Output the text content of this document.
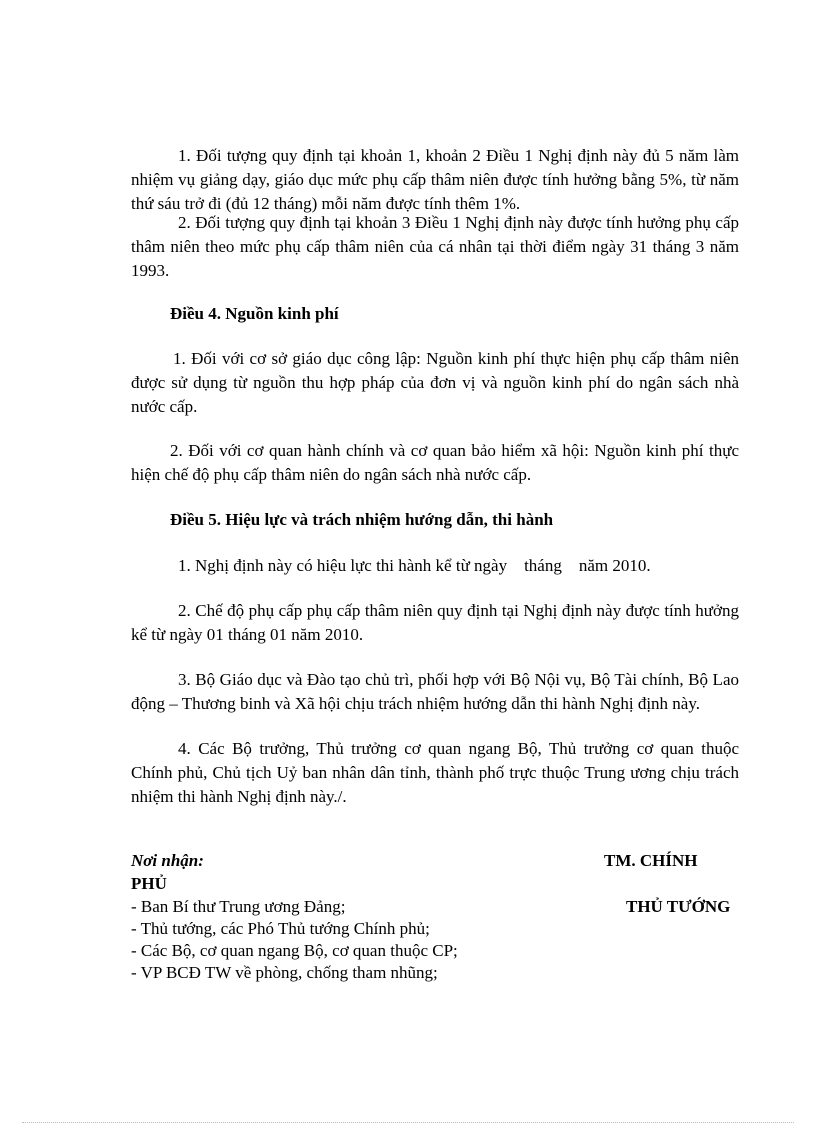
1. Đối tượng quy định tại khoản 1, khoản 2 Điều 1 Nghị định này đủ 5 năm làm nhiệm vụ giảng dạy, giáo dục mức phụ cấp thâm niên được tính hưởng bằng 5%, từ năm thứ sáu trở đi (đủ 12 tháng) mỗi năm được tính thêm 1%.

2. Đối tượng quy định tại khoản 3 Điều 1 Nghị định này được tính hưởng phụ cấp thâm niên theo mức phụ cấp thâm niên của cá nhân tại thời điểm ngày 31 tháng 3 năm 1993.

Điều 4. Nguồn kinh phí

1. Đối với cơ sở giáo dục công lập: Nguồn kinh phí thực hiện phụ cấp thâm niên được sử dụng từ nguồn thu hợp pháp của đơn vị và nguồn kinh phí do ngân sách nhà nước cấp.

2. Đối với cơ quan hành chính và cơ quan bảo hiểm xã hội: Nguồn kinh phí thực hiện chế độ phụ cấp thâm niên do ngân sách nhà nước cấp.

Điều 5. Hiệu lực và trách nhiệm hướng dẫn, thi hành

1. Nghị định này có hiệu lực thi hành kể từ ngày    tháng    năm 2010.

2. Chế độ phụ cấp phụ cấp thâm niên quy định tại Nghị định này được tính hưởng kể từ ngày 01 tháng 01 năm 2010.

3. Bộ Giáo dục và Đào tạo chủ trì, phối hợp với Bộ Nội vụ, Bộ Tài chính, Bộ Lao động – Thương binh và Xã hội chịu trách nhiệm hướng dẫn thi hành Nghị định này.

4. Các Bộ trưởng, Thủ trưởng cơ quan ngang Bộ, Thủ trưởng cơ quan thuộc Chính phủ, Chủ tịch Uỷ ban nhân dân tỉnh, thành phố trực thuộc Trung ương chịu trách nhiệm thi hành Nghị định này./.

Nơi nhận:	TM. CHÍNH

PHỦ

THỦ TƯỚNG

- Ban Bí thư Trung ương Đảng;

- Thủ tướng, các Phó Thủ tướng Chính phủ;

- Các Bộ, cơ quan ngang Bộ, cơ quan thuộc CP;

- VP BCĐ TW về phòng, chống tham nhũng;
